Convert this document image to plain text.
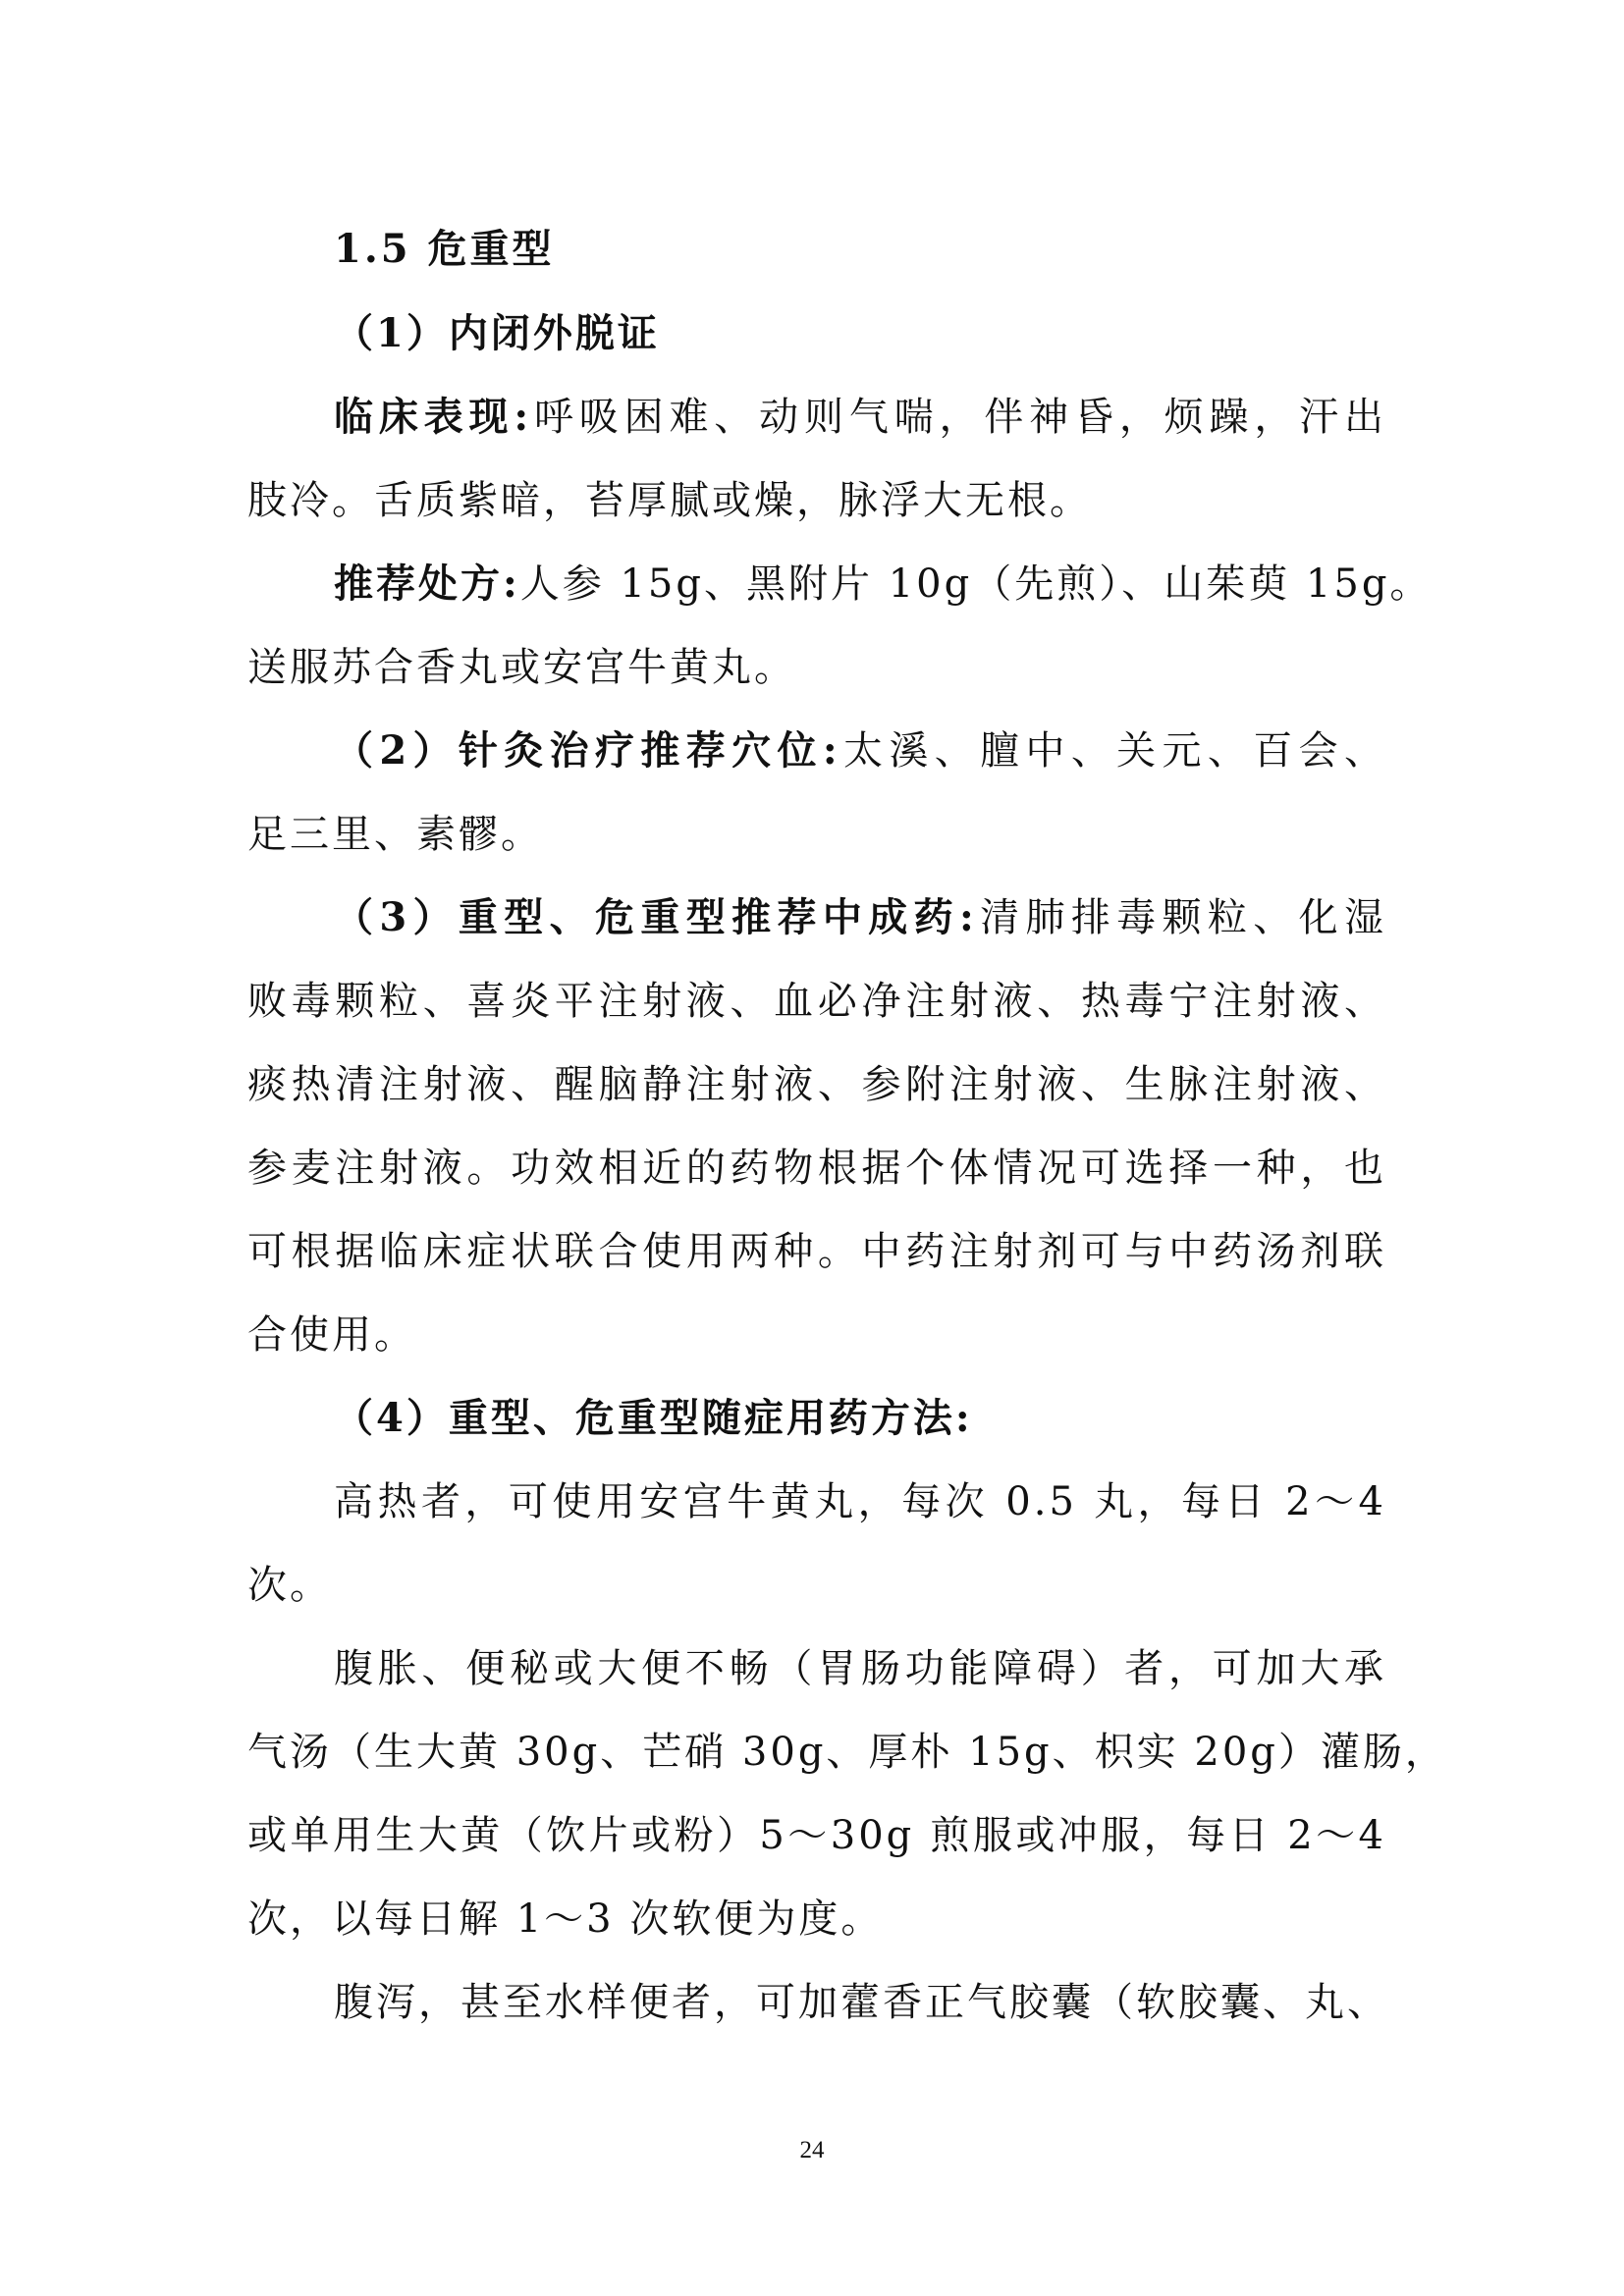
1.5 危重型
（1）内闭外脱证
临床表现:呼吸困难、动则气喘，伴神昏，烦躁，汗出
肢冷。舌质紫暗，苔厚腻或燥，脉浮大无根。
推荐处方:人参 15g、黑附片 10g（先煎）、山茱萸 15g。
送服苏合香丸或安宫牛黄丸。
（2）针灸治疗推荐穴位:太溪、膻中、关元、百会、
足三里、素髎。
（3）重型、危重型推荐中成药:清肺排毒颗粒、化湿
败毒颗粒、喜炎平注射液、血必净注射液、热毒宁注射液、
痰热清注射液、醒脑静注射液、参附注射液、生脉注射液、
参麦注射液。功效相近的药物根据个体情况可选择一种，也
可根据临床症状联合使用两种。中药注射剂可与中药汤剂联
合使用。
（4）重型、危重型随症用药方法:
高热者，可使用安宫牛黄丸，每次 0.5 丸，每日 2～4
次。
腹胀、便秘或大便不畅（胃肠功能障碍）者，可加大承
气汤（生大黄 30g、芒硝 30g、厚朴 15g、枳实 20g）灌肠，
或单用生大黄（饮片或粉）5～30g 煎服或冲服，每日 2～4
次，以每日解 1～3 次软便为度。
腹泻，甚至水样便者，可加藿香正气胶囊（软胶囊、丸、
24
